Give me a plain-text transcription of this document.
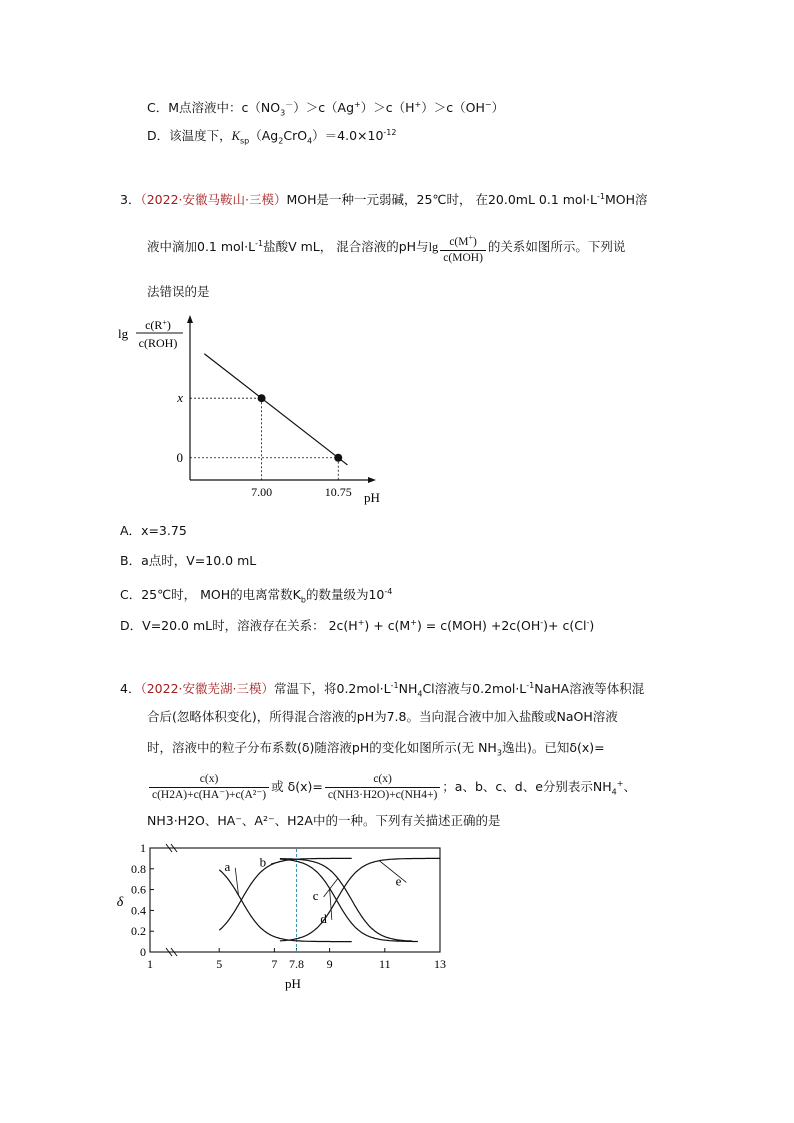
C．M点溶液中：$c(NO_3^-)>c(Ag^+)>c(H^+)>c(OH^-)$
D．该温度下，$K_{sp}(Ag_2CrO_4)=4.0\times 10^{-12}$
3．（2022·安徽马鞍山·三模）MOH是一种一元弱碱，25℃时， 在20.0mL 0.1 $mol\cdot L^{-1}MOH$溶
液中滴加0.1 $mol\cdot L^{-1}$盐酸V mL， 混合溶液的pH与$\lg \frac{c(M^+)}{\text{c(MOH)}}$ 的关系如图所示。下列说
法错误的是
lg
c(R+)
c(ROH)
x
7.00
0
10.75 pH
A．x=3.75
B．a点时，V=10.0 mL
C．25℃时， MOH的电离常数$K_b$的数量级为$10^{-4}$
D．V=20.0 mL时，溶液存在关系： 2c(H+) + c(M+) = c(MOH) +2c(OH-)+ c(Cl-)
4．（2022·安徽芜湖·三模）常温下，将$0.2mol\cdot L^{-1}NH_4Cl$溶液与$0.2mol\cdot L^{-1}NaHA$溶液等体积混
合后(忽略体积变化)，所得混合溶液的pH为7.8。当向混合液中加入盐酸或NaOH溶液
时，溶液中的粒子分布系数(δ)随溶液pH的变化如图所示(无 $NH_3$逸出)。已知δ(x)=
$\frac{c(x)}{\text{c(H2A)+c(HA⁻)+c(A²⁻)}}$ 或 $\delta(x)= \frac{c(x)}{c(NH3\cdot H2O)+c(NH4+)}$ ；a、b、c、d、e分别表示$NH_4^+$、
NH3·H2O、HA⁻、A²⁻、H2A中的一种。下列有关描述正确的是
0
0.2
0.4
0.6
0.8
1
1	5	7 7.8 9	11	13
a b
c
d
e
δ
pH
